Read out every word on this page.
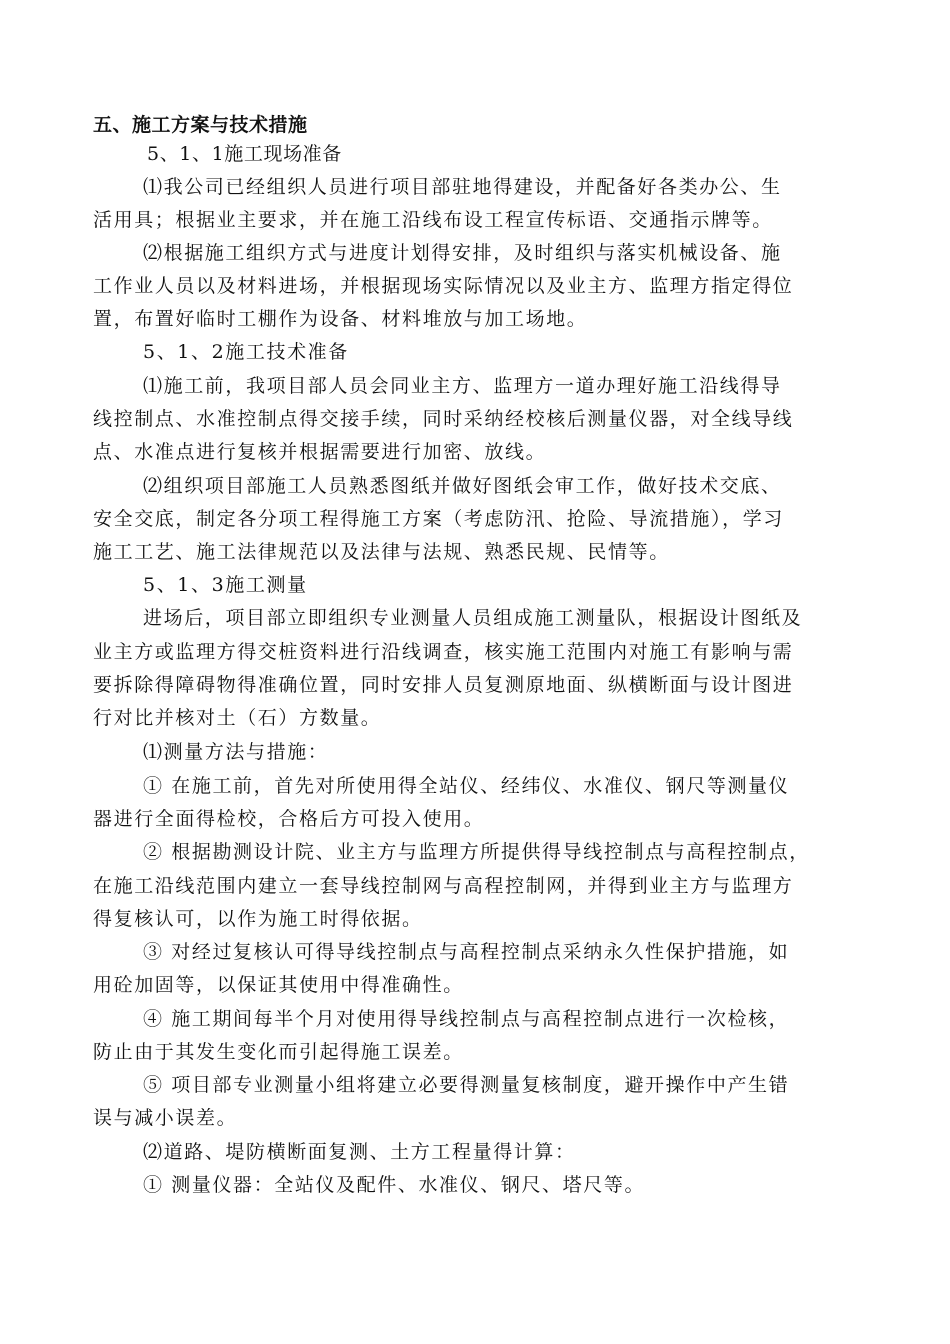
五、施工方案与技术措施
5、1、1施工现场准备
⑴我公司已经组织人员进行项目部驻地得建设，并配备好各类办公、生
活用具；根据业主要求，并在施工沿线布设工程宣传标语、交通指示牌等。
⑵根据施工组织方式与进度计划得安排，及时组织与落实机械设备、施
工作业人员以及材料进场，并根据现场实际情况以及业主方、监理方指定得位
置，布置好临时工棚作为设备、材料堆放与加工场地。
5、1、2施工技术准备
⑴施工前，我项目部人员会同业主方、监理方一道办理好施工沿线得导
线控制点、水准控制点得交接手续，同时采纳经校核后测量仪器，对全线导线
点、水准点进行复核并根据需要进行加密、放线。
⑵组织项目部施工人员熟悉图纸并做好图纸会审工作，做好技术交底、
安全交底，制定各分项工程得施工方案（考虑防汛、抢险、导流措施），学习
施工工艺、施工法律规范以及法律与法规、熟悉民规、民情等。
5、1、3施工测量
进场后，项目部立即组织专业测量人员组成施工测量队，根据设计图纸及
业主方或监理方得交桩资料进行沿线调查，核实施工范围内对施工有影响与需
要拆除得障碍物得准确位置，同时安排人员复测原地面、纵横断面与设计图进
行对比并核对土（石）方数量。
⑴测量方法与措施：
① 在施工前，首先对所使用得全站仪、经纬仪、水准仪、钢尺等测量仪
器进行全面得检校，合格后方可投入使用。
② 根据勘测设计院、业主方与监理方所提供得导线控制点与高程控制点，
在施工沿线范围内建立一套导线控制网与高程控制网，并得到业主方与监理方
得复核认可，以作为施工时得依据。
③ 对经过复核认可得导线控制点与高程控制点采纳永久性保护措施，如
用砼加固等，以保证其使用中得准确性。
④ 施工期间每半个月对使用得导线控制点与高程控制点进行一次检核，
防止由于其发生变化而引起得施工误差。
⑤ 项目部专业测量小组将建立必要得测量复核制度，避开操作中产生错
误与减小误差。
⑵道路、堤防横断面复测、土方工程量得计算：
① 测量仪器：全站仪及配件、水准仪、钢尺、塔尺等。
